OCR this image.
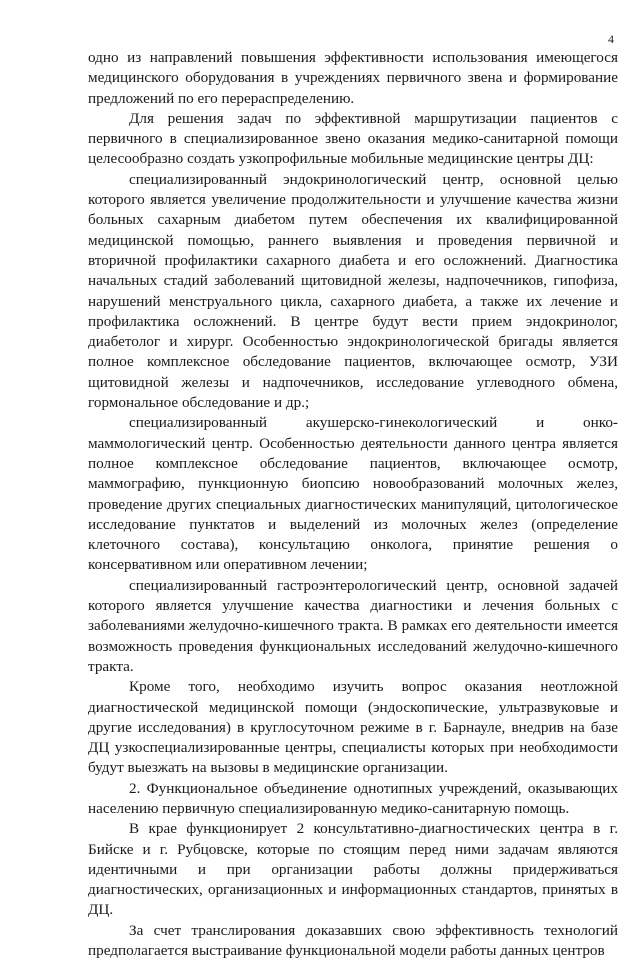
4

одно из направлений повышения эффективности использования имеющегося медицинского оборудования в учреждениях первичного звена и формирование предложений по его перераспределению.

Для решения задач по эффективной маршрутизации пациентов с первичного в специализированное звено оказания медико-санитарной помощи целесообразно создать узкопрофильные мобильные медицинские центры ДЦ:

специализированный эндокринологический центр, основной целью которого является увеличение продолжительности и улучшение качества жизни больных сахарным диабетом путем обеспечения их квалифицированной медицинской помощью, раннего выявления и проведения первичной и вторичной профилактики сахарного диабета и его осложнений. Диагностика начальных стадий заболеваний щитовидной железы, надпочечников, гипофиза, нарушений менструального цикла, сахарного диабета, а также их лечение и профилактика осложнений. В центре будут вести прием эндокринолог, диабетолог и хирург. Особенностью эндокринологической бригады является полное комплексное обследование пациентов, включающее осмотр, УЗИ щитовидной железы и надпочечников, исследование углеводного обмена, гормональное обследование и др.;

специализированный акушерско-гинекологический и онко-маммологический центр. Особенностью деятельности данного центра является полное комплексное обследование пациентов, включающее осмотр, маммографию, пункционную биопсию новообразований молочных желез, проведение других специальных диагностических манипуляций, цитологическое исследование пунктатов и выделений из молочных желез (определение клеточного состава), консультацию онколога, принятие решения о консервативном или оперативном лечении;

специализированный гастроэнтерологический центр, основной задачей которого является улучшение качества диагностики и лечения больных с заболеваниями желудочно-кишечного тракта. В рамках его деятельности имеется возможность проведения функциональных исследований желудочно-кишечного тракта.

Кроме того, необходимо изучить вопрос оказания неотложной диагностической медицинской помощи (эндоскопические, ультразвуковые и другие исследования) в круглосуточном режиме в г. Барнауле, внедрив на базе ДЦ узкоспециализированные центры, специалисты которых при необходимости будут выезжать на вызовы в медицинские организации.

2. Функциональное объединение однотипных учреждений, оказывающих населению первичную специализированную медико-санитарную помощь.

В крае функционирует 2 консультативно-диагностических центра в г. Бийске и г. Рубцовске, которые по стоящим перед ними задачам являются идентичными и при организации работы должны придерживаться диагностических, организационных и информационных стандартов, принятых в ДЦ.

За счет транслирования доказавших свою эффективность технологий предполагается выстраивание функциональной модели работы данных центров
